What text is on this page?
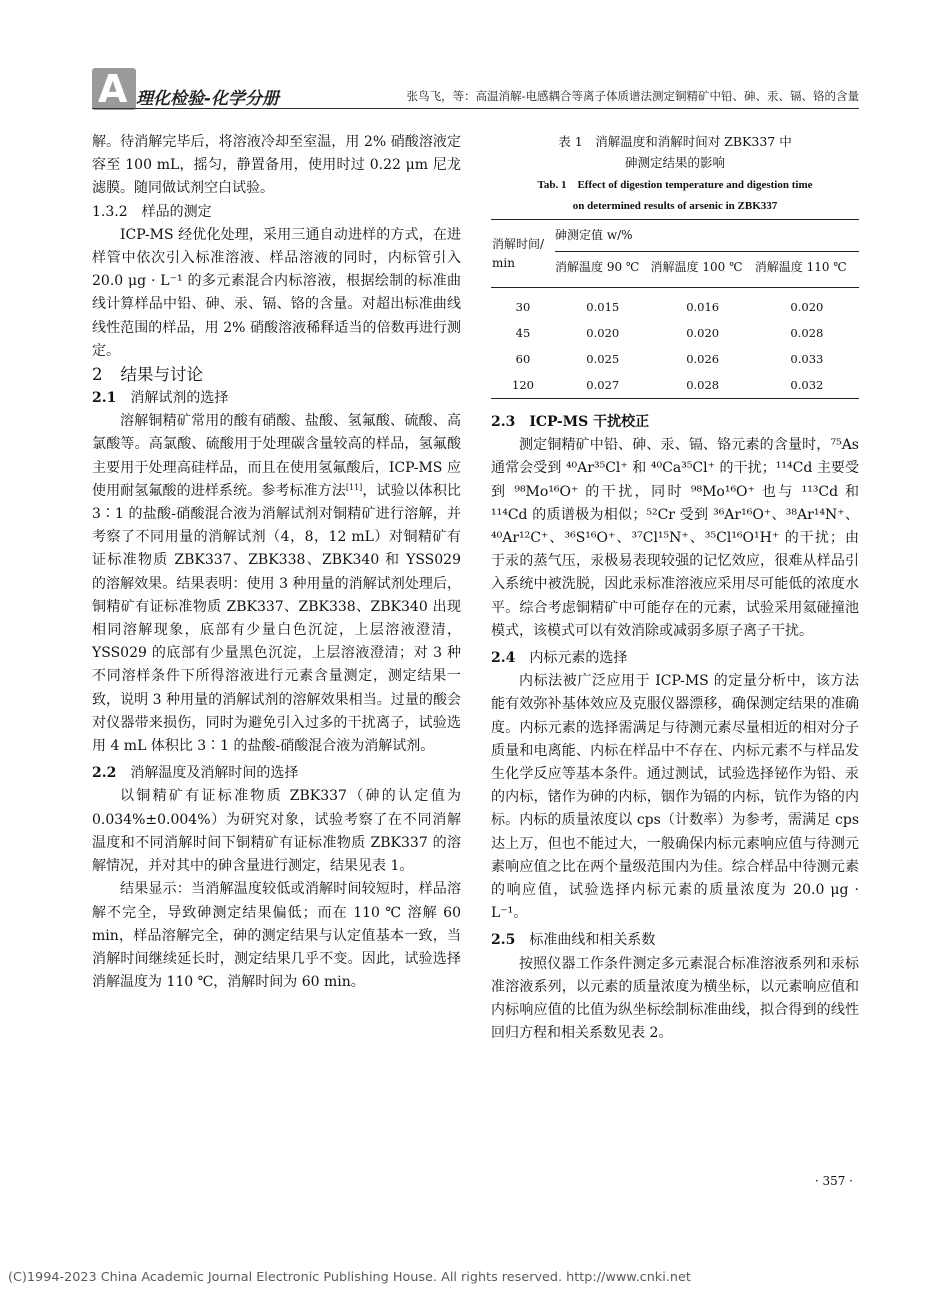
A 理化检验-化学分册	张鸟飞，等：高温消解-电感耦合等离子体质谱法测定铜精矿中铅、砷、汞、镉、铬的含量

解。待消解完毕后，将溶液冷却至室温，用 2% 硝酸溶液定容至 100 mL，摇匀，静置备用，使用时过 0.22 μm 尼龙滤膜。随同做试剂空白试验。

1.3.2　样品的测定

ICP-MS 经优化处理，采用三通自动进样的方式，在进样管中依次引入标准溶液、样品溶液的同时，内标管引入 20.0 μg · L⁻¹ 的多元素混合内标溶液，根据绘制的标准曲线计算样品中铅、砷、汞、镉、铬的含量。对超出标准曲线线性范围的样品，用 2% 硝酸溶液稀释适当的倍数再进行测定。

2 结果与讨论

2.1 消解试剂的选择

溶解铜精矿常用的酸有硝酸、盐酸、氢氟酸、硫酸、高氯酸等。高氯酸、硫酸用于处理碳含量较高的样品，氢氟酸主要用于处理高硅样品，而且在使用氢氟酸后，ICP-MS 应使用耐氢氟酸的进样系统。参考标准方法[11]，试验以体积比 3∶1 的盐酸-硝酸混合液为消解试剂对铜精矿进行溶解，并考察了不同用量的消解试剂（4，8，12 mL）对铜精矿有证标准物质 ZBK337、ZBK338、ZBK340 和 YSS029 的溶解效果。结果表明：使用 3 种用量的消解试剂处理后，铜精矿有证标准物质 ZBK337、ZBK338、ZBK340 出现相同溶解现象，底部有少量白色沉淀，上层溶液澄清，YSS029 的底部有少量黑色沉淀，上层溶液澄清；对 3 种不同溶样条件下所得溶液进行元素含量测定，测定结果一致，说明 3 种用量的消解试剂的溶解效果相当。过量的酸会对仪器带来损伤，同时为避免引入过多的干扰离子，试验选用 4 mL 体积比 3∶1 的盐酸-硝酸混合液为消解试剂。

2.2 消解温度及消解时间的选择

以铜精矿有证标准物质 ZBK337（砷的认定值为 0.034%±0.004%）为研究对象，试验考察了在不同消解温度和不同消解时间下铜精矿有证标准物质 ZBK337 的溶解情况，并对其中的砷含量进行测定，结果见表 1。

结果显示：当消解温度较低或消解时间较短时，样品溶解不完全，导致砷测定结果偏低；而在 110 ℃ 溶解 60 min，样品溶解完全，砷的测定结果与认定值基本一致，当消解时间继续延长时，测定结果几乎不变。因此，试验选择消解温度为 110 ℃，消解时间为 60 min。

表 1　消解温度和消解时间对 ZBK337 中
砷测定结果的影响
Tab. 1　Effect of digestion temperature and digestion time
on determined results of arsenic in ZBK337
消解时间/
min	砷测定值 w/%		
	消解温度 90 ℃	消解温度 100 ℃	消解温度 110 ℃
30	0.015	0.016	0.020
45	0.020	0.020	0.028
60	0.025	0.026	0.033
120	0.027	0.028	0.032

2.3 ICP-MS 干扰校正

测定铜精矿中铅、砷、汞、镉、铬元素的含量时，⁷⁵As 通常会受到 ⁴⁰Ar³⁵Cl⁺ 和 ⁴⁰Ca³⁵Cl⁺ 的干扰；¹¹⁴Cd 主要受到 ⁹⁸Mo¹⁶O⁺ 的干扰，同时 ⁹⁸Mo¹⁶O⁺ 也与 ¹¹³Cd 和 ¹¹⁴Cd 的质谱极为相似；⁵²Cr 受到 ³⁶Ar¹⁶O⁺、³⁸Ar¹⁴N⁺、⁴⁰Ar¹²C⁺、³⁶S¹⁶O⁺、³⁷Cl¹⁵N⁺、³⁵Cl¹⁶O¹H⁺ 的干扰；由于汞的蒸气压，汞极易表现较强的记忆效应，很难从样品引入系统中被洗脱，因此汞标准溶液应采用尽可能低的浓度水平。综合考虑铜精矿中可能存在的元素，试验采用氦碰撞池模式，该模式可以有效消除或减弱多原子离子干扰。

2.4 内标元素的选择

内标法被广泛应用于 ICP-MS 的定量分析中，该方法能有效弥补基体效应及克服仪器漂移，确保测定结果的准确度。内标元素的选择需满足与待测元素尽量相近的相对分子质量和电离能、内标在样品中不存在、内标元素不与样品发生化学反应等基本条件。通过测试，试验选择铋作为铅、汞的内标，锗作为砷的内标，铟作为镉的内标，钪作为铬的内标。内标的质量浓度以 cps（计数率）为参考，需满足 cps 达上万，但也不能过大，一般确保内标元素响应值与待测元素响应值之比在两个量级范围内为佳。综合样品中待测元素的响应值，试验选择内标元素的质量浓度为 20.0 μg · L⁻¹。

2.5 标准曲线和相关系数

按照仪器工作条件测定多元素混合标准溶液系列和汞标准溶液系列，以元素的质量浓度为横坐标，以元素响应值和内标响应值的比值为纵坐标绘制标准曲线，拟合得到的线性回归方程和相关系数见表 2。

· 357 ·
(C)1994-2023 China Academic Journal Electronic Publishing House. All rights reserved. http://www.cnki.net
